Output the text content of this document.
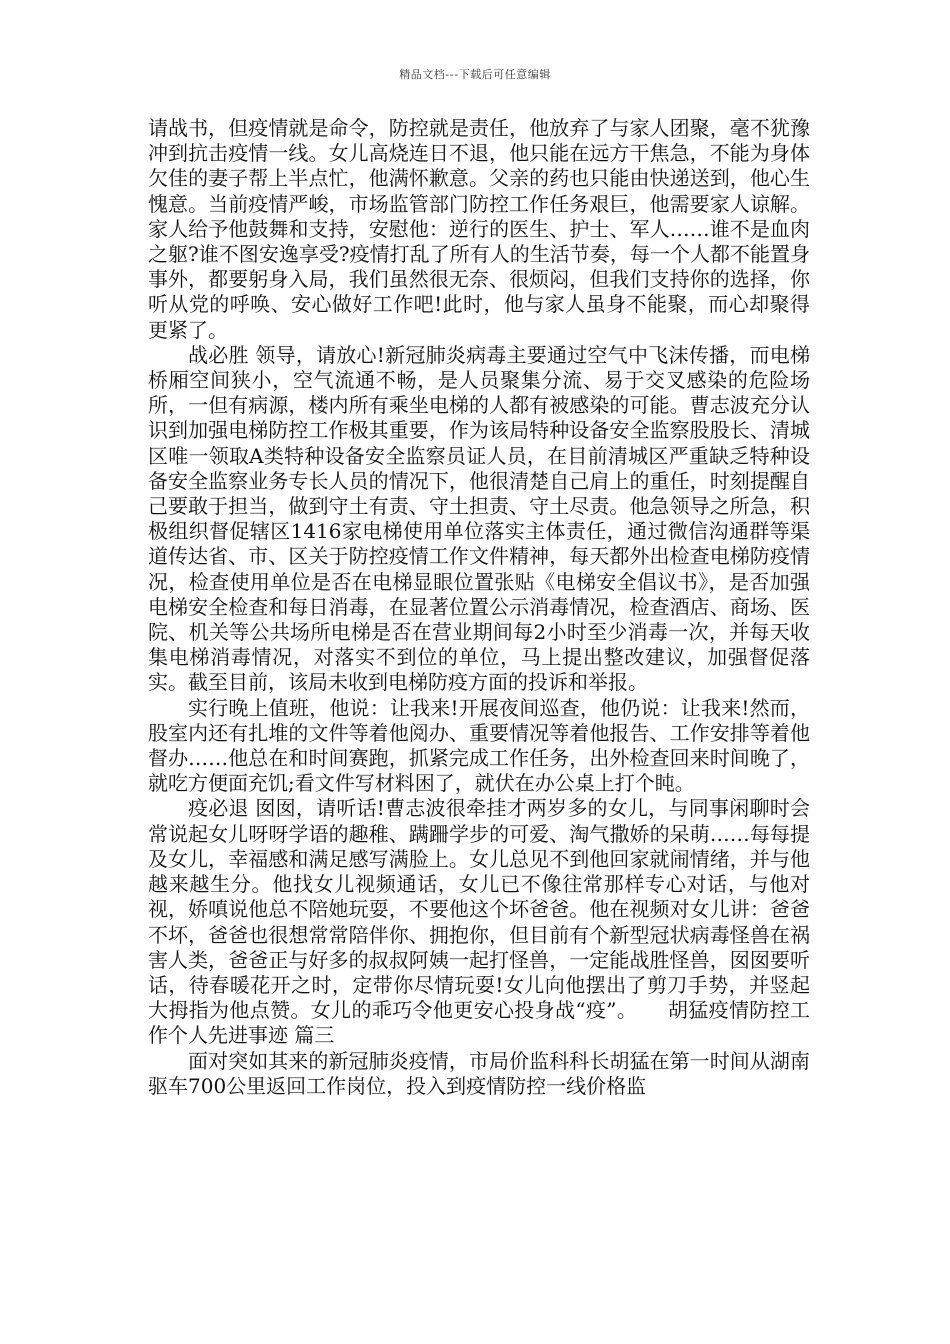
精品文档---下载后可任意编辑

请战书，但疫情就是命令，防控就是责任，他放弃了与家人团聚，毫不犹豫冲到抗击疫情一线。女儿高烧连日不退，他只能在远方干焦急，不能为身体欠佳的妻子帮上半点忙，他满怀歉意。父亲的药也只能由快递送到，他心生愧意。当前疫情严峻，市场监管部门防控工作任务艰巨，他需要家人谅解。家人给予他鼓舞和支持，安慰他：逆行的医生、护士、军人……谁不是血肉之躯?谁不图安逸享受?疫情打乱了所有人的生活节奏，每一个人都不能置身事外，都要躬身入局，我们虽然很无奈、很烦闷，但我们支持你的选择，你听从党的呼唤、安心做好工作吧!此时，他与家人虽身不能聚，而心却聚得更紧了。

战必胜 领导，请放心!新冠肺炎病毒主要通过空气中飞沫传播，而电梯桥厢空间狭小，空气流通不畅，是人员聚集分流、易于交叉感染的危险场所，一但有病源，楼内所有乘坐电梯的人都有被感染的可能。曹志波充分认识到加强电梯防控工作极其重要，作为该局特种设备安全监察股股长、清城区唯一领取A类特种设备安全监察员证人员，在目前清城区严重缺乏特种设备安全监察业务专长人员的情况下，他很清楚自己肩上的重任，时刻提醒自己要敢于担当，做到守土有责、守土担责、守土尽责。他急领导之所急，积极组织督促辖区1416家电梯使用单位落实主体责任，通过微信沟通群等渠道传达省、市、区关于防控疫情工作文件精神，每天都外出检查电梯防疫情况，检查使用单位是否在电梯显眼位置张贴《电梯安全倡议书》，是否加强电梯安全检查和每日消毒，在显著位置公示消毒情况，检查酒店、商场、医院、机关等公共场所电梯是否在营业期间每2小时至少消毒一次，并每天收集电梯消毒情况，对落实不到位的单位，马上提出整改建议，加强督促落实。截至目前，该局未收到电梯防疫方面的投诉和举报。

实行晚上值班，他说：让我来!开展夜间巡查，他仍说：让我来!然而，股室内还有扎堆的文件等着他阅办、重要情况等着他报告、工作安排等着他督办……他总在和时间赛跑，抓紧完成工作任务，出外检查回来时间晚了，就吃方便面充饥;看文件写材料困了，就伏在办公桌上打个盹。

疫必退 囡囡，请听话!曹志波很牵挂才两岁多的女儿，与同事闲聊时会常说起女儿呀呀学语的趣稚、蹒跚学步的可爱、淘气撒娇的呆萌……每每提及女儿，幸福感和满足感写满脸上。女儿总见不到他回家就闹情绪，并与他越来越生分。他找女儿视频通话，女儿已不像往常那样专心对话，与他对视，娇嗔说他总不陪她玩耍，不要他这个坏爸爸。他在视频对女儿讲：爸爸不坏，爸爸也很想常常陪伴你、拥抱你，但目前有个新型冠状病毒怪兽在祸害人类，爸爸正与好多的叔叔阿姨一起打怪兽，一定能战胜怪兽，囡囡要听话，待春暖花开之时，定带你尽情玩耍!女儿向他摆出了剪刀手势，并竖起大拇指为他点赞。女儿的乖巧令他更安心投身战“疫”。　　胡猛疫情防控工作个人先进事迹 篇三

面对突如其来的新冠肺炎疫情，市局价监科科长胡猛在第一时间从湖南驱车700公里返回工作岗位，投入到疫情防控一线价格监
